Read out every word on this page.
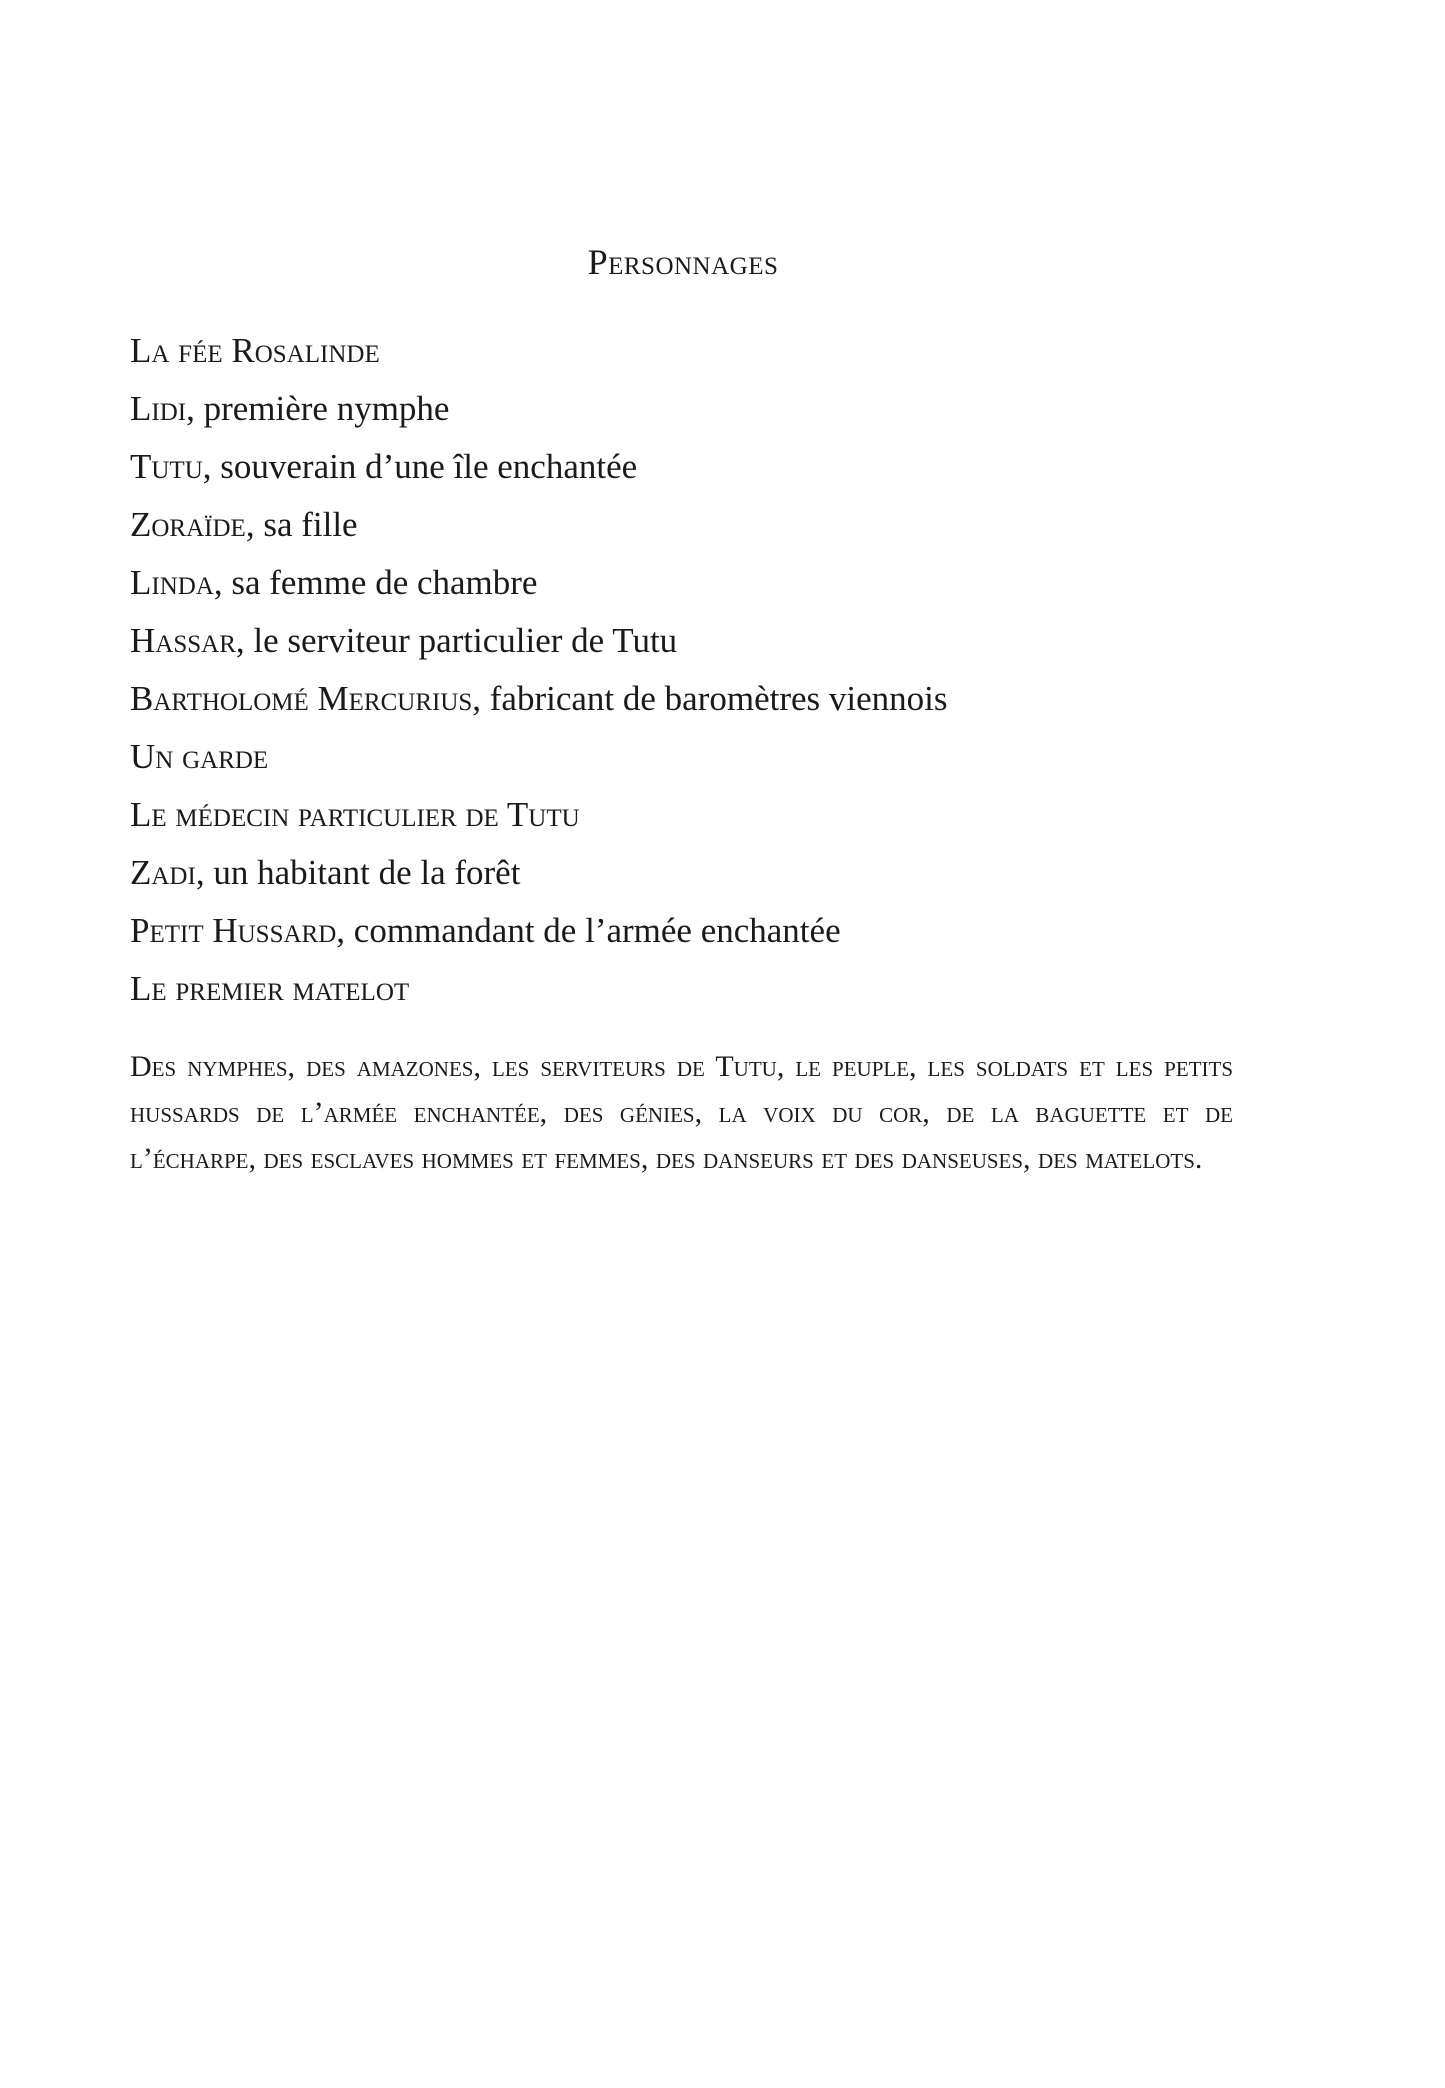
Personnages
La fée Rosalinde
Lidi, première nymphe
Tutu, souverain d’une île enchantée
Zoraïde, sa fille
Linda, sa femme de chambre
Hassar, le serviteur particulier de Tutu
Bartholomé Mercurius, fabricant de baromètres viennois
Un garde
Le médecin particulier de Tutu
Zadi, un habitant de la forêt
Petit Hussard, commandant de l’armée enchantée
Le premier matelot

Des nymphes, des amazones, les serviteurs de Tutu, le peuple, les soldats et les petits hussards de l’armée enchantée, des génies, la voix du cor, de la baguette et de l’écharpe, des esclaves hommes et femmes, des danseurs et des danseuses, des matelots.
